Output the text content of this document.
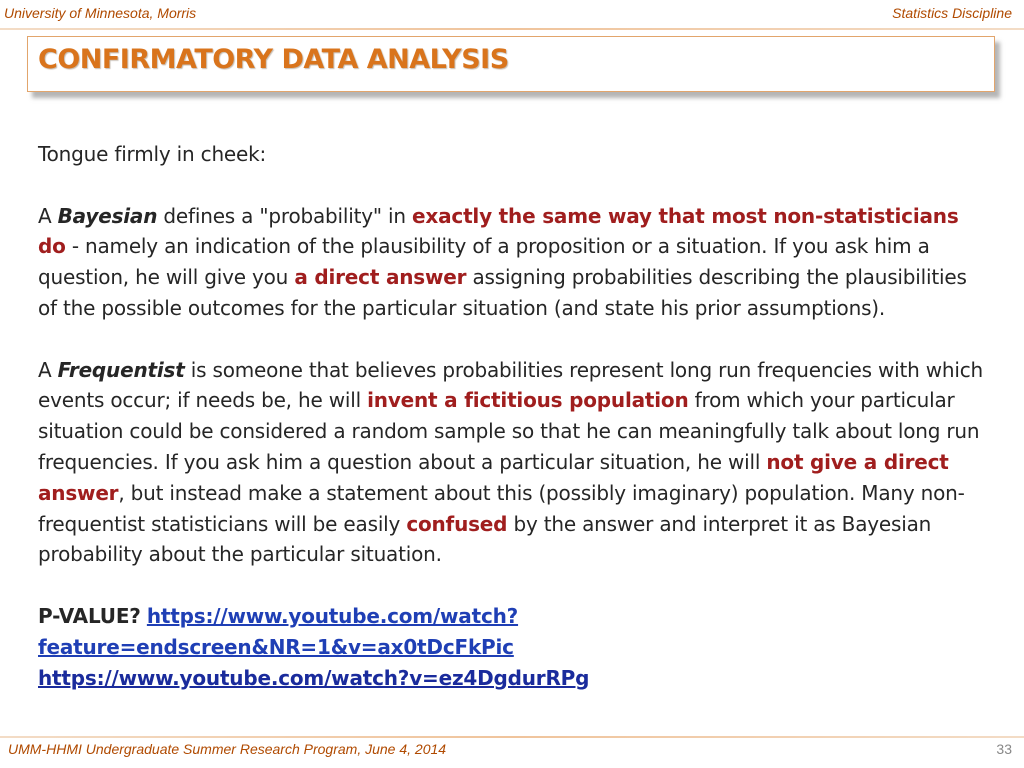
University of Minnesota, Morris	Statistics Discipline
CONFIRMATORY DATA ANALYSIS

Tongue firmly in cheek:

A Bayesian defines a "probability" in exactly the same way that most non-statisticians do - namely an indication of the plausibility of a proposition or a situation. If you ask him a question, he will give you a direct answer assigning probabilities describing the plausibilities of the possible outcomes for the particular situation (and state his prior assumptions).

A Frequentist is someone that believes probabilities represent long run frequencies with which events occur; if needs be, he will invent a fictitious population from which your particular situation could be considered a random sample so that he can meaningfully talk about long run frequencies. If you ask him a question about a particular situation, he will not give a direct answer, but instead make a statement about this (possibly imaginary) population. Many non-frequentist statisticians will be easily confused by the answer and interpret it as Bayesian probability about the particular situation.

P-VALUE? https://www.youtube.com/watch?feature=endscreen&NR=1&v=ax0tDcFkPic

https://www.youtube.com/watch?v=ez4DgdurRPg

UMM-HHMI Undergraduate Summer Research Program, June 4, 2014	33
